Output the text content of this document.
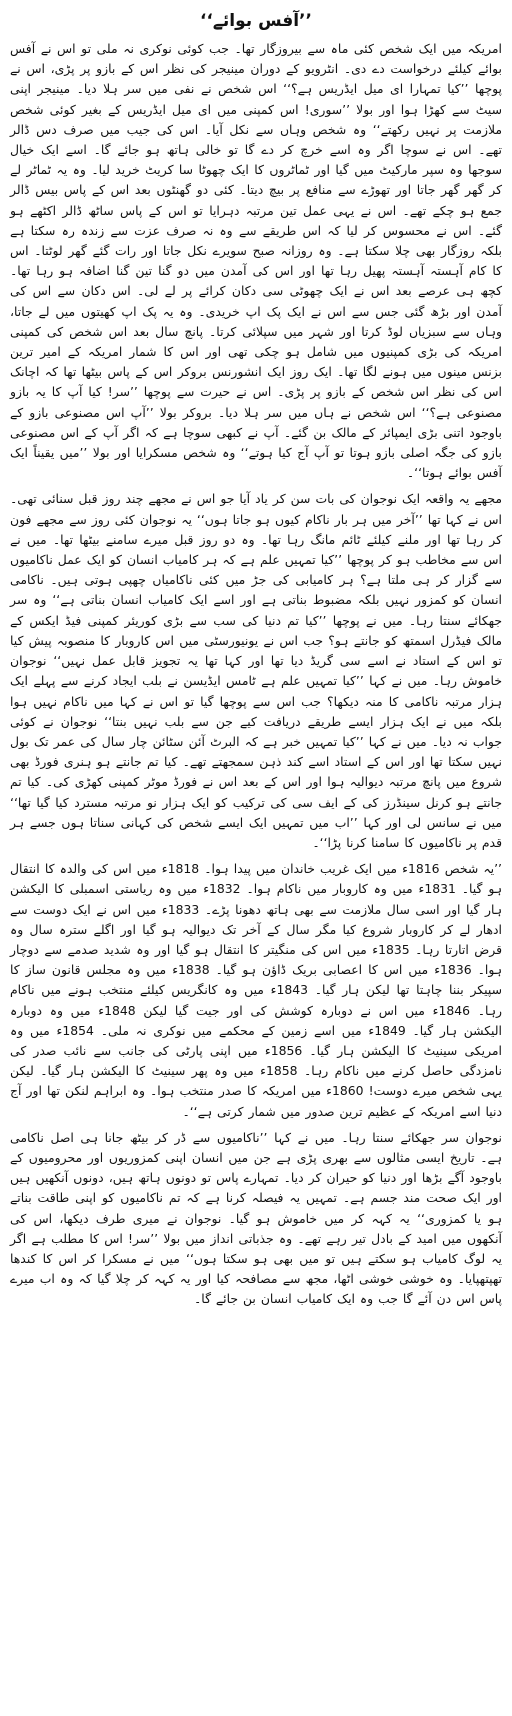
’’آفس بوائے‘‘

امریکہ میں ایک شخص کئی ماہ سے بیروزگار تھا۔ جب کوئی نوکری نہ ملی تو اس نے آفس بوائے کیلئے درخواست دے دی۔ انٹرویو کے دوران مینیجر کی نظر اس کے بازو پر پڑی، اس نے پوچھا ’’کیا تمہارا ای میل ایڈریس ہے؟‘‘ اس شخص نے نفی میں سر ہلا دیا۔ مینیجر اپنی سیٹ سے کھڑا ہوا اور بولا ’’سوری! اس کمپنی میں ای میل ایڈریس کے بغیر کوئی شخص ملازمت پر نہیں رکھتے‘‘ وہ شخص وہاں سے نکل آیا۔ اس کی جیب میں صرف دس ڈالر تھے۔ اس نے سوچا اگر وہ اسے خرچ کر دے گا تو خالی ہاتھ ہو جائے گا۔ اسے ایک خیال سوجھا وہ سپر مارکیٹ میں گیا اور ٹماٹروں کا ایک چھوٹا سا کریٹ خرید لیا۔ وہ یہ ٹماٹر لے کر گھر گھر جاتا اور تھوڑے سے منافع پر بیچ دیتا۔ کئی دو گھنٹوں بعد اس کے پاس بیس ڈالر جمع ہو چکے تھے۔ اس نے یہی عمل تین مرتبہ دہرایا تو اس کے پاس ساٹھ ڈالر اکٹھے ہو گئے۔ اس نے محسوس کر لیا کہ اس طریقے سے وہ نہ صرف عزت سے زندہ رہ سکتا ہے بلکہ روزگار بھی چلا سکتا ہے۔ وہ روزانہ صبح سویرے نکل جاتا اور رات گئے گھر لوٹتا۔ اس کا کام آہستہ آہستہ پھیل رہا تھا اور اس کی آمدن میں دو گنا تین گنا اضافہ ہو رہا تھا۔ کچھ ہی عرصے بعد اس نے ایک چھوٹی سی دکان کرائے پر لے لی۔ اس دکان سے اس کی آمدن اور بڑھ گئی جس سے اس نے ایک پک اپ خریدی۔ وہ یہ پک اپ کھیتوں میں لے جاتا، وہاں سے سبزیاں لوڈ کرتا اور شہر میں سپلائی کرتا۔ پانچ سال بعد اس شخص کی کمپنی امریکہ کی بڑی کمپنیوں میں شامل ہو چکی تھی اور اس کا شمار امریکہ کے امیر ترین بزنس مینوں میں ہونے لگا تھا۔ ایک روز ایک انشورنس بروکر اس کے پاس بیٹھا تھا کہ اچانک اس کی نظر اس شخص کے بازو پر پڑی۔ اس نے حیرت سے پوچھا ’’سر! کیا آپ کا یہ بازو مصنوعی ہے؟‘‘ اس شخص نے ہاں میں سر ہلا دیا۔ بروکر بولا ’’آپ اس مصنوعی بازو کے باوجود اتنی بڑی ایمپائر کے مالک بن گئے۔ آپ نے کبھی سوچا ہے کہ اگر آپ کے اس مصنوعی بازو کی جگہ اصلی بازو ہوتا تو آپ آج کیا ہوتے‘‘ وہ شخص مسکرایا اور بولا ’’میں یقیناً ایک آفس بوائے ہوتا‘‘۔

مجھے یہ واقعہ ایک نوجوان کی بات سن کر یاد آیا جو اس نے مجھے چند روز قبل سنائی تھی۔ اس نے کہا تھا ’’آخر میں ہر بار ناکام کیوں ہو جاتا ہوں‘‘ یہ نوجوان کئی روز سے مجھے فون کر رہا تھا اور ملنے کیلئے ٹائم مانگ رہا تھا۔ وہ دو روز قبل میرے سامنے بیٹھا تھا۔ میں نے اس سے مخاطب ہو کر پوچھا ’’کیا تمہیں علم ہے کہ ہر کامیاب انسان کو ایک عمل ناکامیوں سے گزار کر ہی ملتا ہے؟ ہر کامیابی کی جڑ میں کئی ناکامیاں چھپی ہوتی ہیں۔ ناکامی انسان کو کمزور نہیں بلکہ مضبوط بناتی ہے اور اسے ایک کامیاب انسان بناتی ہے‘‘ وہ سر جھکائے سنتا رہا۔ میں نے پوچھا ’’کیا تم دنیا کی سب سے بڑی کوریئر کمپنی فیڈ ایکس کے مالک فیڈرل اسمتھ کو جانتے ہو؟ جب اس نے یونیورسٹی میں اس کاروبار کا منصوبہ پیش کیا تو اس کے استاد نے اسے سی گریڈ دیا تھا اور کہا تھا یہ تجویز قابل عمل نہیں‘‘ نوجوان خاموش رہا۔ میں نے کہا ’’کیا تمہیں علم ہے ٹامس ایڈیسن نے بلب ایجاد کرنے سے پہلے ایک ہزار مرتبہ ناکامی کا منہ دیکھا؟ جب اس سے پوچھا گیا تو اس نے کہا میں ناکام نہیں ہوا بلکہ میں نے ایک ہزار ایسے طریقے دریافت کیے جن سے بلب نہیں بنتا‘‘ نوجوان نے کوئی جواب نہ دیا۔ میں نے کہا ’’کیا تمہیں خبر ہے کہ البرٹ آئن سٹائن چار سال کی عمر تک بول نہیں سکتا تھا اور اس کے استاد اسے کند ذہن سمجھتے تھے۔ کیا تم جانتے ہو ہنری فورڈ بھی شروع میں پانچ مرتبہ دیوالیہ ہوا اور اس کے بعد اس نے فورڈ موٹر کمپنی کھڑی کی۔ کیا تم جانتے ہو کرنل سینڈرز کی کے ایف سی کی ترکیب کو ایک ہزار نو مرتبہ مسترد کیا گیا تھا‘‘ میں نے سانس لی اور کہا ’’اب میں تمہیں ایک ایسے شخص کی کہانی سناتا ہوں جسے ہر قدم پر ناکامیوں کا سامنا کرنا پڑا‘‘۔

’’یہ شخص 1816ء میں ایک غریب خاندان میں پیدا ہوا۔ 1818ء میں اس کی والدہ کا انتقال ہو گیا۔ 1831ء میں وہ کاروبار میں ناکام ہوا۔ 1832ء میں وہ ریاستی اسمبلی کا الیکشن ہار گیا اور اسی سال ملازمت سے بھی ہاتھ دھونا پڑے۔ 1833ء میں اس نے ایک دوست سے ادھار لے کر کاروبار شروع کیا مگر سال کے آخر تک دیوالیہ ہو گیا اور اگلے سترہ سال وہ قرض اتارتا رہا۔ 1835ء میں اس کی منگیتر کا انتقال ہو گیا اور وہ شدید صدمے سے دوچار ہوا۔ 1836ء میں اس کا اعصابی بریک ڈاؤن ہو گیا۔ 1838ء میں وہ مجلس قانون ساز کا سپیکر بننا چاہتا تھا لیکن ہار گیا۔ 1843ء میں وہ کانگریس کیلئے منتخب ہونے میں ناکام رہا۔ 1846ء میں اس نے دوبارہ کوشش کی اور جیت گیا لیکن 1848ء میں وہ دوبارہ الیکشن ہار گیا۔ 1849ء میں اسے زمین کے محکمے میں نوکری نہ ملی۔ 1854ء میں وہ امریکی سینیٹ کا الیکشن ہار گیا۔ 1856ء میں اپنی پارٹی کی جانب سے نائب صدر کی نامزدگی حاصل کرنے میں ناکام رہا۔ 1858ء میں وہ پھر سینیٹ کا الیکشن ہار گیا۔ لیکن یہی شخص میرے دوست! 1860ء میں امریکہ کا صدر منتخب ہوا۔ وہ ابراہم لنکن تھا اور آج دنیا اسے امریکہ کے عظیم ترین صدور میں شمار کرتی ہے‘‘۔

نوجوان سر جھکائے سنتا رہا۔ میں نے کہا ’’ناکامیوں سے ڈر کر بیٹھ جانا ہی اصل ناکامی ہے۔ تاریخ ایسی مثالوں سے بھری پڑی ہے جن میں انسان اپنی کمزوریوں اور محرومیوں کے باوجود آگے بڑھا اور دنیا کو حیران کر دیا۔ تمہارے پاس تو دونوں ہاتھ ہیں، دونوں آنکھیں ہیں اور ایک صحت مند جسم ہے۔ تمہیں یہ فیصلہ کرنا ہے کہ تم ناکامیوں کو اپنی طاقت بناتے ہو یا کمزوری‘‘ یہ کہہ کر میں خاموش ہو گیا۔ نوجوان نے میری طرف دیکھا، اس کی آنکھوں میں امید کے بادل تیر رہے تھے۔ وہ جذباتی انداز میں بولا ’’سر! اس کا مطلب ہے اگر یہ لوگ کامیاب ہو سکتے ہیں تو میں بھی ہو سکتا ہوں‘‘ میں نے مسکرا کر اس کا کندھا تھپتھپایا۔ وہ خوشی خوشی اٹھا، مجھ سے مصافحہ کیا اور یہ کہہ کر چلا گیا کہ وہ اب میرے پاس اس دن آئے گا جب وہ ایک کامیاب انسان بن جائے گا۔
